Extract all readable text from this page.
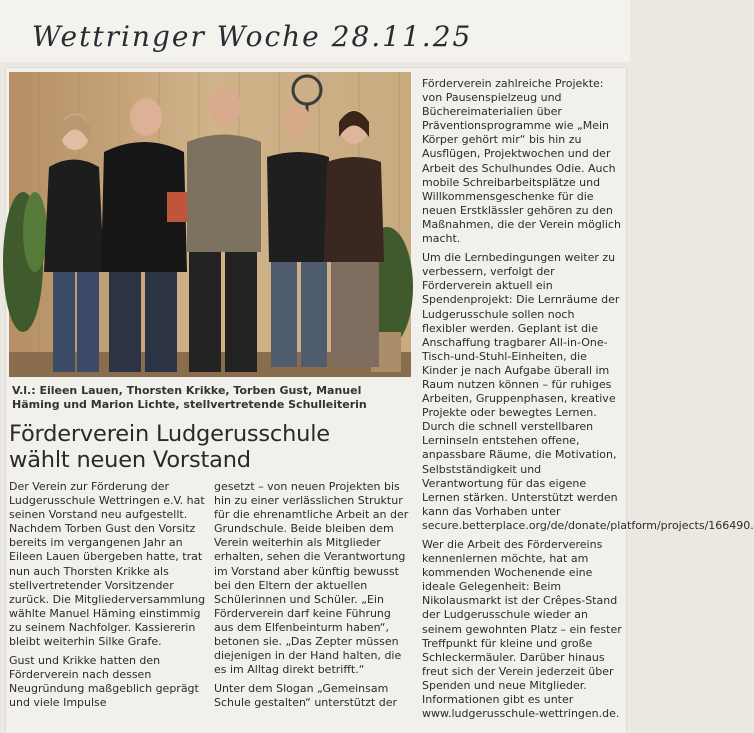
Wettringer Woche 28.11.25
V.l.: Eileen Lauen, Thorsten Krikke, Torben Gust, Manuel Häming und Marion Lichte, stellvertretende Schulleiterin
Förderverein Ludgerusschule
wählt neuen Vorstand

Der Verein zur Förderung der Ludgerusschule Wettringen e.V. hat seinen Vorstand neu aufgestellt. Nachdem Torben Gust den Vorsitz bereits im vergangenen Jahr an Eileen Lauen übergeben hatte, trat nun auch Thorsten Krikke als stellvertretender Vorsitzender zurück. Die Mitgliederversammlung wählte Manuel Häming einstimmig zu seinem Nachfolger. Kassiererin bleibt weiterhin Silke Grafe.

Gust und Krikke hatten den Förderverein nach dessen Neugründung maßgeblich geprägt und viele Impulse

gesetzt – von neuen Projekten bis hin zu einer verlässlichen Struktur für die ehrenamtliche Arbeit an der Grundschule. Beide bleiben dem Verein weiterhin als Mitglieder erhalten, sehen die Verantwortung im Vorstand aber künftig bewusst bei den Eltern der aktuellen Schülerinnen und Schüler. „Ein Förderverein darf keine Führung aus dem Elfenbeinturm haben“, betonen sie. „Das Zepter müssen diejenigen in der Hand halten, die es im Alltag direkt betrifft.“

Unter dem Slogan „Gemeinsam Schule gestalten“ unterstützt der

Förderverein zahlreiche Projekte: von Pausenspielzeug und Büchereimaterialien über Präventionsprogramme wie „Mein Körper gehört mir“ bis hin zu Ausflügen, Projektwochen und der Arbeit des Schulhundes Odie. Auch mobile Schreibarbeitsplätze und Willkommensgeschenke für die neuen Erstklässler gehören zu den Maßnahmen, die der Verein möglich macht.

Um die Lernbedingungen weiter zu verbessern, verfolgt der Förderverein aktuell ein Spendenprojekt: Die Lernräume der Ludgerusschule sollen noch flexibler werden. Geplant ist die Anschaffung tragbarer All-in-One-Tisch-und-Stuhl-Einheiten, die Kinder je nach Aufgabe überall im Raum nutzen können – für ruhiges Arbeiten, Gruppenphasen, kreative Projekte oder bewegtes Lernen. Durch die schnell verstellbaren Lerninseln entstehen offene, anpassbare Räume, die Motivation, Selbstständigkeit und Verantwortung für das eigene Lernen stärken. Unterstützt werden kann das Vorhaben unter secure.betterplace.org/de/donate/platform/projects/166490.

Wer die Arbeit des Fördervereins kennenlernen möchte, hat am kommenden Wochenende eine ideale Gelegenheit: Beim Nikolausmarkt ist der Crêpes-Stand der Ludgerusschule wieder an seinem gewohnten Platz – ein fester Treffpunkt für kleine und große Schleckermäuler. Darüber hinaus freut sich der Verein jederzeit über Spenden und neue Mitglieder. Informationen gibt es unter www.ludgerusschule-wettringen.de.
